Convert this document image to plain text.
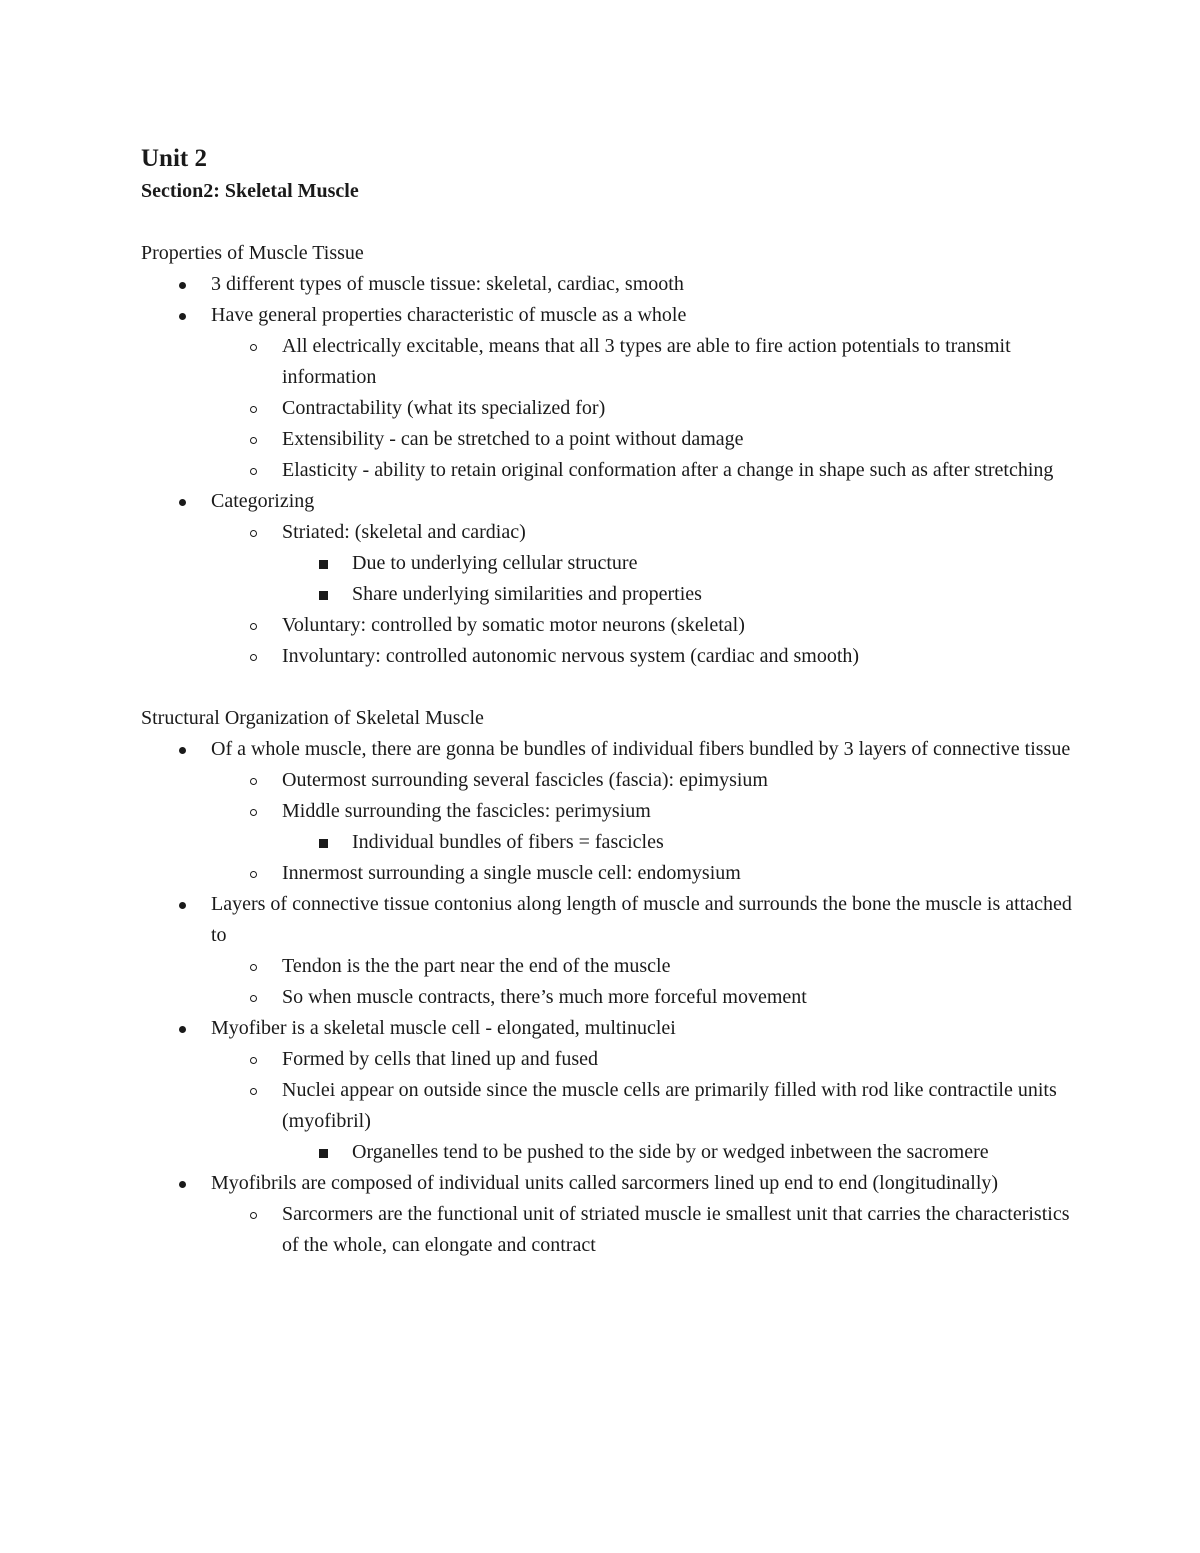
Unit 2
Section2: Skeletal Muscle
Properties of Muscle Tissue
3 different types of muscle tissue: skeletal, cardiac, smooth
Have general properties characteristic of muscle as a whole
All electrically excitable, means that all 3 types are able to fire action potentials to transmit information
Contractability (what its specialized for)
Extensibility - can be stretched to a point without damage
Elasticity - ability to retain original conformation after a change in shape such as after stretching
Categorizing
Striated: (skeletal and cardiac)
Due to underlying cellular structure
Share underlying similarities and properties
Voluntary: controlled by somatic motor neurons (skeletal)
Involuntary: controlled autonomic nervous system (cardiac and smooth)
Structural Organization of Skeletal Muscle
Of a whole muscle, there are gonna be bundles of individual fibers bundled by 3 layers of connective tissue
Outermost surrounding several fascicles (fascia): epimysium
Middle surrounding the fascicles: perimysium
Individual bundles of fibers = fascicles
Innermost surrounding a single muscle cell: endomysium
Layers of connective tissue contonius along length of muscle and surrounds the bone the muscle is attached to
Tendon is the the part near the end of the muscle
So when muscle contracts, there’s much more forceful movement
Myofiber is a skeletal muscle cell - elongated, multinuclei
Formed by cells that lined up and fused
Nuclei appear on outside since the muscle cells are primarily filled with rod like contractile units (myofibril)
Organelles tend to be pushed to the side by or wedged inbetween the sacromere
Myofibrils are composed of individual units called sarcormers lined up end to end (longitudinally)
Sarcormers are the functional unit of striated muscle ie smallest unit that carries the characteristics of the whole, can elongate and contract
